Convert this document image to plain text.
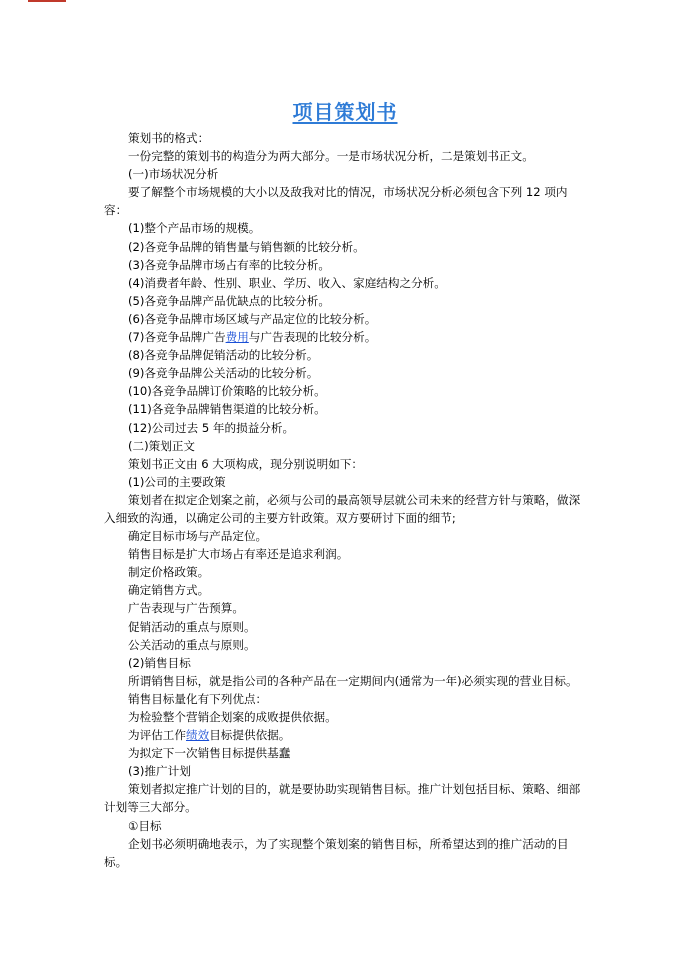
项目策划书

策划书的格式：

一份完整的策划书的构造分为两大部分。一是市场状况分析，二是策划书正文。

(一)市场状况分析

要了解整个市场规模的大小以及敌我对比的情况，市场状况分析必须包含下列 12 项内容：

(1)整个产品市场的规模。

(2)各竞争品牌的销售量与销售额的比较分析。

(3)各竞争品牌市场占有率的比较分析。

(4)消费者年龄、性别、职业、学历、收入、家庭结构之分析。

(5)各竞争品牌产品优缺点的比较分析。

(6)各竞争品牌市场区域与产品定位的比较分析。

(7)各竞争品牌广告费用与广告表现的比较分析。

(8)各竞争品牌促销活动的比较分析。

(9)各竞争品牌公关活动的比较分析。

(10)各竞争品牌订价策略的比较分析。

(11)各竞争品牌销售渠道的比较分析。

(12)公司过去 5 年的损益分析。

(二)策划正文

策划书正文由 6 大项构成，现分别说明如下：

(1)公司的主要政策

策划者在拟定企划案之前，必须与公司的最高领导层就公司未来的经营方针与策略，做深入细致的沟通，以确定公司的主要方针政策。双方要研讨下面的细节;

确定目标市场与产品定位。

销售目标是扩大市场占有率还是追求利润。

制定价格政策。

确定销售方式。

广告表现与广告预算。

促销活动的重点与原则。

公关活动的重点与原则。

(2)销售目标

所谓销售目标，就是指公司的各种产品在一定期间内(通常为一年)必须实现的营业目标。

销售目标量化有下列优点：

为检验整个营销企划案的成败提供依据。

为评估工作绩效目标提供依据。

为拟定下一次销售目标提供基蠢

(3)推广计划

策划者拟定推广计划的目的，就是要协助实现销售目标。推广计划包括目标、策略、细部计划等三大部分。

①目标

企划书必须明确地表示，为了实现整个策划案的销售目标，所希望达到的推广活动的目标。
